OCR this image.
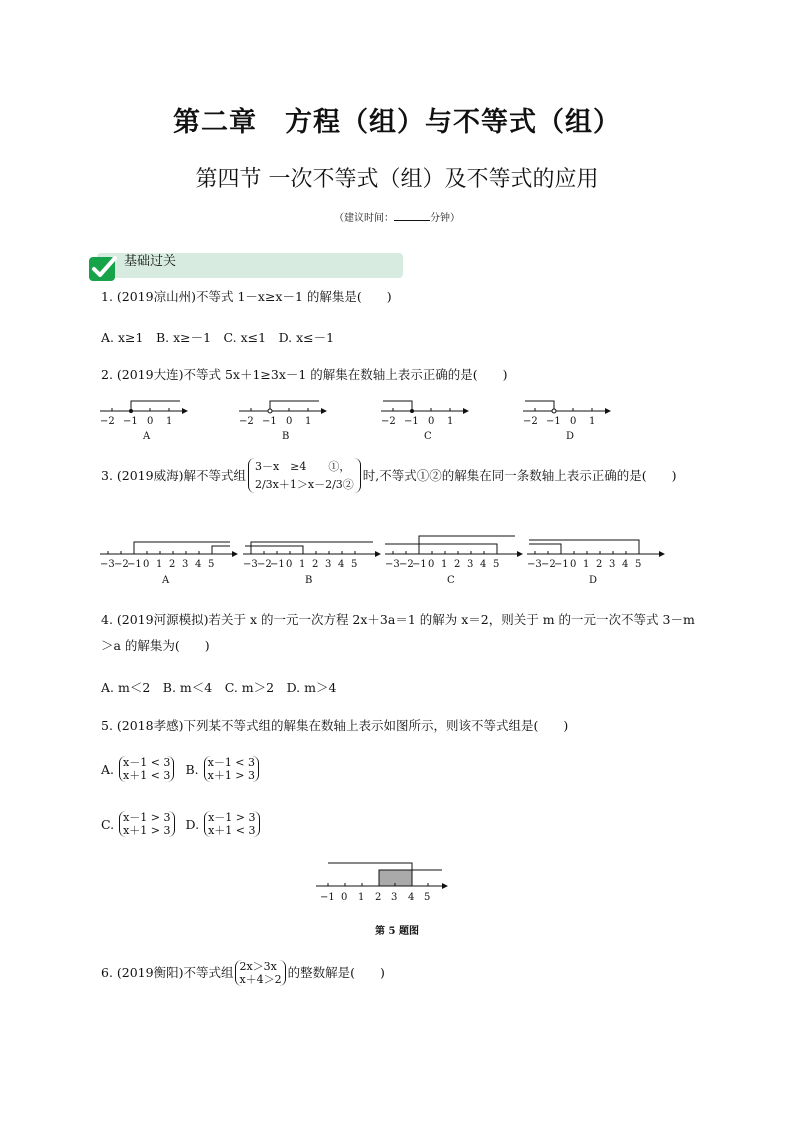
第二章　方程（组）与不等式（组）
第四节 一次不等式（组）及不等式的应用
（建议时间：	分钟）
基础过关
1. (2019凉山州)不等式 1－x≥x－1 的解集是(　　)
A. x≥1　B. x≥－1　C. x≤1　D. x≤－1
2. (2019大连)不等式 5x＋1≥3x－1 的解集在数轴上表示正确的是(　　)
−2 −1 0 1
A
−2 −1 0 1
B
−2 −1 0 1
C
−2 −1 0 1
D
3. (2019威海)解不等式组
3－x　≥4　　①，
2/3x＋1＞x－2/3②
时,不等式①②的解集在同一条数轴上表示正确的是(　　)
−3 −2
−1 0 1 2 3 4 5
A
−3 −2
−1 0 1 2 3 4 5
B
−3 −2
−1 0 1 2 3 4 5
C
−3 −2
−1 0 1 2 3 4 5
D
4. (2019河源模拟)若关于 x 的一元一次方程 2x＋3a＝1 的解为 x＝2，则关于 m 的一元一次不等式 3－m
＞a 的解集为(　　)
A. m＜2　B. m＜4　C. m＞2　D. m＞4
5. (2018孝感)下列某不等式组的解集在数轴上表示如图所示，则该不等式组是(　　)
A. x－1 < 3
x＋1 < 3 B. x－1 < 3
x＋1 > 3
C. x－1 > 3
x＋1 > 3 D. x－1 > 3
x＋1 < 3
−1 0 1 2 3 4 5
第 5 题图
6. (2019衡阳)不等式组 2x＞3x
x＋4＞2 的整数解是(　　)
